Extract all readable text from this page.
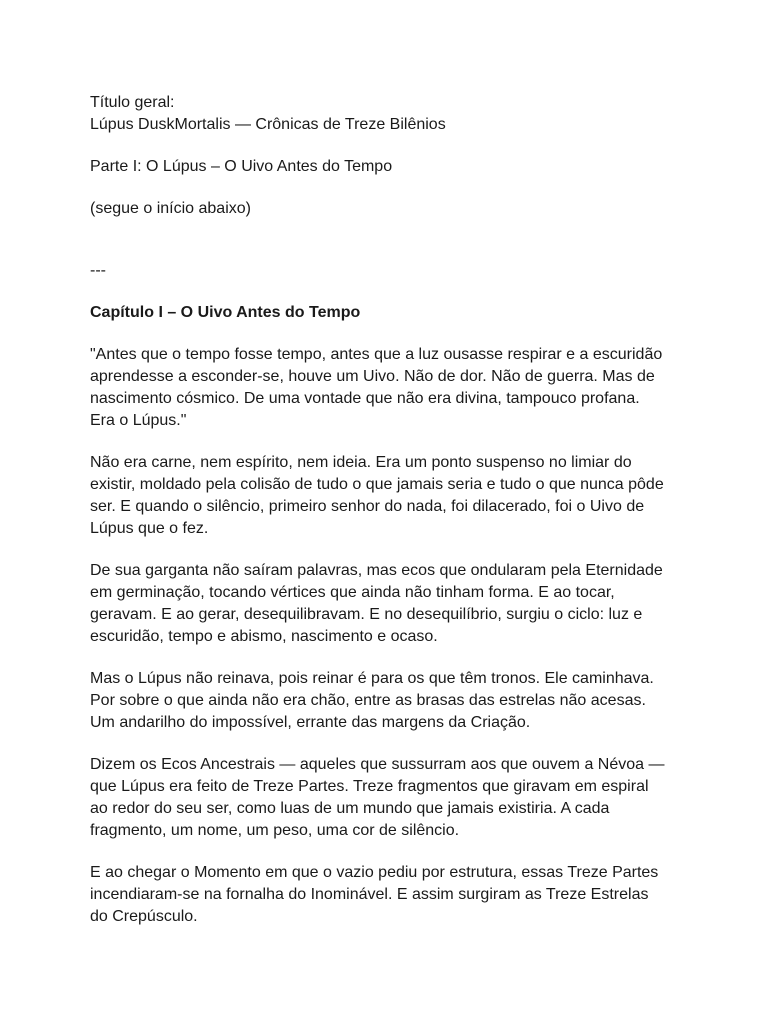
Título geral:
Lúpus DuskMortalis — Crônicas de Treze Bilênios
Parte I: O Lúpus – O Uivo Antes do Tempo
(segue o início abaixo)
---
Capítulo I – O Uivo Antes do Tempo

"Antes que o tempo fosse tempo, antes que a luz ousasse respirar e a escuridão
aprendesse a esconder-se, houve um Uivo. Não de dor. Não de guerra. Mas de
nascimento cósmico. De uma vontade que não era divina, tampouco profana.
Era o Lúpus."

Não era carne, nem espírito, nem ideia. Era um ponto suspenso no limiar do
existir, moldado pela colisão de tudo o que jamais seria e tudo o que nunca pôde
ser. E quando o silêncio, primeiro senhor do nada, foi dilacerado, foi o Uivo de
Lúpus que o fez.

De sua garganta não saíram palavras, mas ecos que ondularam pela Eternidade
em germinação, tocando vértices que ainda não tinham forma. E ao tocar,
geravam. E ao gerar, desequilibravam. E no desequilíbrio, surgiu o ciclo: luz e
escuridão, tempo e abismo, nascimento e ocaso.

Mas o Lúpus não reinava, pois reinar é para os que têm tronos. Ele caminhava.
Por sobre o que ainda não era chão, entre as brasas das estrelas não acesas.
Um andarilho do impossível, errante das margens da Criação.

Dizem os Ecos Ancestrais — aqueles que sussurram aos que ouvem a Névoa —
que Lúpus era feito de Treze Partes. Treze fragmentos que giravam em espiral
ao redor do seu ser, como luas de um mundo que jamais existiria. A cada
fragmento, um nome, um peso, uma cor de silêncio.

E ao chegar o Momento em que o vazio pediu por estrutura, essas Treze Partes
incendiaram-se na fornalha do Inominável. E assim surgiram as Treze Estrelas
do Crepúsculo.
